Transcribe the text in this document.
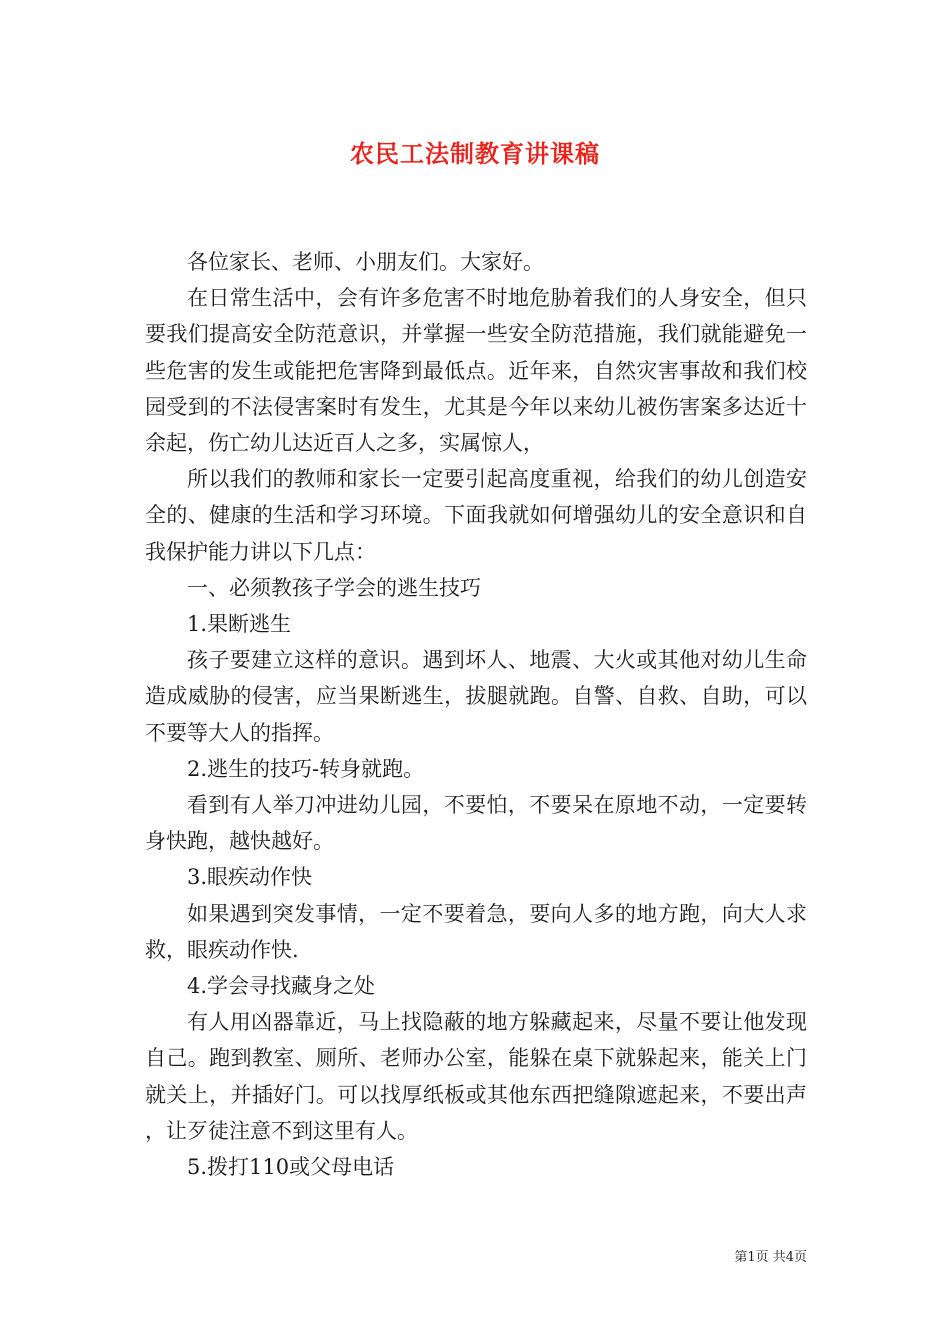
农民工法制教育讲课稿

各位家长、老师、小朋友们。大家好。

在日常生活中，会有许多危害不时地危胁着我们的人身安全，但只要我们提高安全防范意识，并掌握一些安全防范措施，我们就能避免一些危害的发生或能把危害降到最低点。近年来，自然灾害事故和我们校园受到的不法侵害案时有发生，尤其是今年以来幼儿被伤害案多达近十余起，伤亡幼儿达近百人之多，实属惊人，

所以我们的教师和家长一定要引起高度重视，给我们的幼儿创造安全的、健康的生活和学习环境。下面我就如何增强幼儿的安全意识和自我保护能力讲以下几点：

一、必须教孩子学会的逃生技巧

1.果断逃生

孩子要建立这样的意识。遇到坏人、地震、大火或其他对幼儿生命造成威胁的侵害，应当果断逃生，拔腿就跑。自警、自救、自助，可以不要等大人的指挥。

2.逃生的技巧-转身就跑。

看到有人举刀冲进幼儿园，不要怕，不要呆在原地不动，一定要转身快跑，越快越好。

3.眼疾动作快

如果遇到突发事情，一定不要着急，要向人多的地方跑，向大人求救，眼疾动作快.

4.学会寻找藏身之处

有人用凶器靠近，马上找隐蔽的地方躲藏起来，尽量不要让他发现自己。跑到教室、厕所、老师办公室，能躲在桌下就躲起来，能关上门就关上，并插好门。可以找厚纸板或其他东西把缝隙遮起来，不要出声，让歹徒注意不到这里有人。

5.拨打110或父母电话

第1页 共4页
